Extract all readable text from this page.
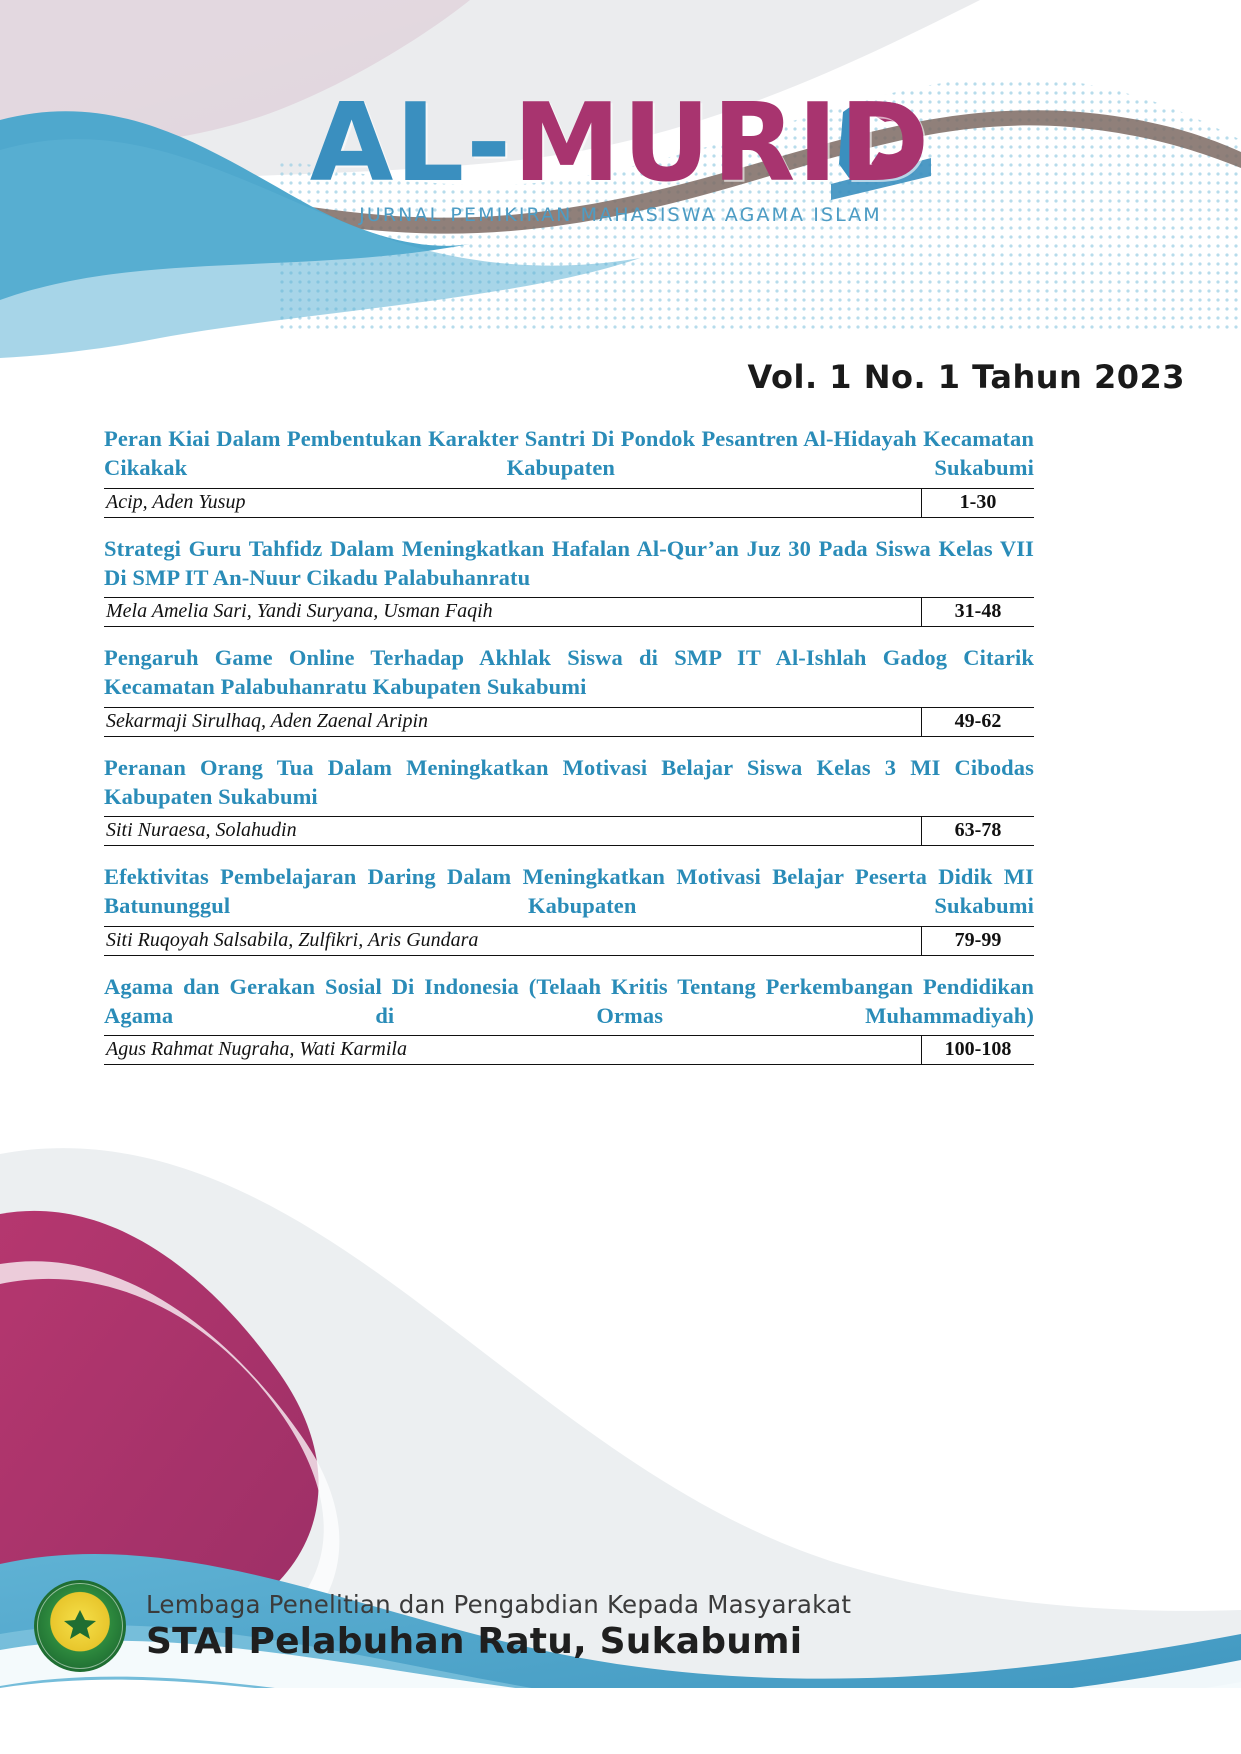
AL-MURID
JURNAL PEMIKIRAN MAHASISWA AGAMA ISLAM
Vol. 1 No. 1 Tahun 2023
Peran Kiai Dalam Pembentukan Karakter Santri Di Pondok Pesantren Al-Hidayah Kecamatan Cikakak Kabupaten Sukabumi
Acip, Aden Yusup	1-30
Strategi Guru Tahfidz Dalam Meningkatkan Hafalan Al-Qur’an Juz 30 Pada Siswa Kelas VII Di SMP IT An-Nuur Cikadu Palabuhanratu
Mela Amelia Sari, Yandi Suryana, Usman Faqih	31-48
Pengaruh Game Online Terhadap Akhlak Siswa di SMP IT Al-Ishlah Gadog Citarik Kecamatan Palabuhanratu Kabupaten Sukabumi
Sekarmaji Sirulhaq, Aden Zaenal Aripin	49-62
Peranan Orang Tua Dalam Meningkatkan Motivasi Belajar Siswa Kelas 3 MI Cibodas Kabupaten Sukabumi
Siti Nuraesa, Solahudin	63-78
Efektivitas Pembelajaran Daring Dalam Meningkatkan Motivasi Belajar Peserta Didik MI Batununggul Kabupaten Sukabumi
Siti Ruqoyah Salsabila, Zulfikri, Aris Gundara	79-99
Agama dan Gerakan Sosial Di Indonesia (Telaah Kritis Tentang Perkembangan Pendidikan Agama di Ormas Muhammadiyah)
Agus Rahmat Nugraha, Wati Karmila	100-108
Lembaga Penelitian dan Pengabdian Kepada Masyarakat
STAI Pelabuhan Ratu, Sukabumi
